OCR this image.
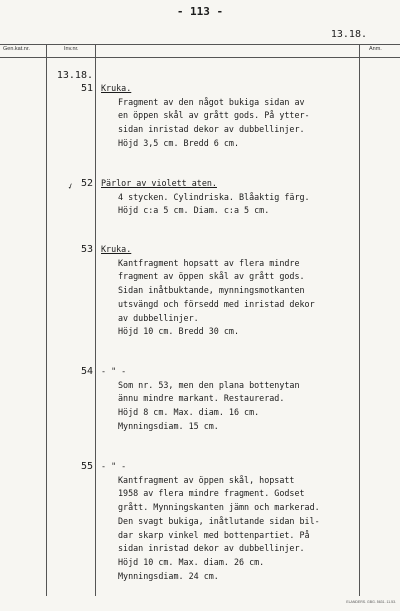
- 113 -
13.18.
Gen.kat.nr.	Inv.nr.	Anm.
13.18.
51
✓ 52
53
54
55
Kruka.
Fragment av den något bukiga sidan av
en öppen skål av grått gods. På ytter-
sidan inristad dekor av dubbellinjer.
Höjd 3,5 cm. Bredd 6 cm.
Pärlor av violett aten.
4 stycken. Cylindriska. Blåaktig färg.
Höjd c:a 5 cm. Diam. c:a 5 cm.
Kruka.
Kantfragment hopsatt av flera mindre
fragment av öppen skål av grått gods.
Sidan inåtbuktande, mynningsmotkanten
utsvängd och försedd med inristad dekor
av dubbellinjer.
Höjd 10 cm. Bredd 30 cm.
- " -
Som nr. 53, men den plana bottenytan
ännu mindre markant. Restaurerad.
Höjd 8 cm. Max. diam. 16 cm.
Mynningsdiam. 15 cm.
- " -
Kantfragment av öppen skål, hopsatt
1958 av flera mindre fragment. Godset
grått. Mynningskanten jämn och markerad.
Den svagt bukiga, inåtlutande sidan bil-
dar skarp vinkel med bottenpartiet. På
sidan inristad dekor av dubbellinjer.
Höjd 10 cm. Max. diam. 26 cm.
Mynningsdiam. 24 cm.
ELANDERS. GBG. 5631. 11.53.
